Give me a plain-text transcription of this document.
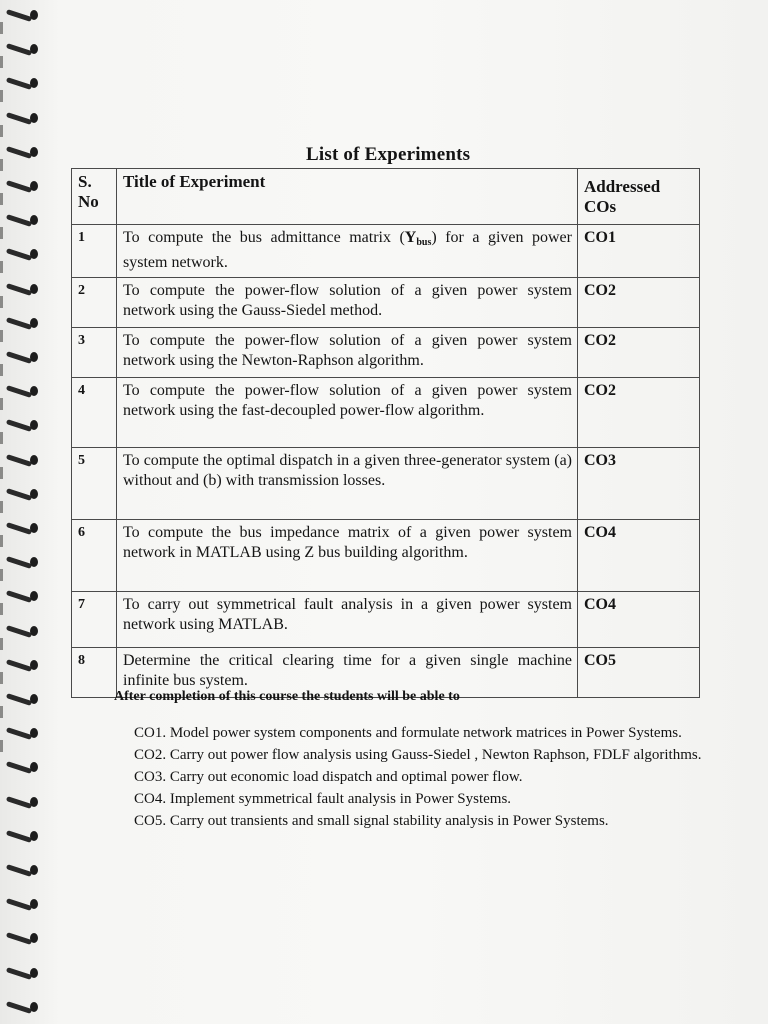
List of Experiments
S. No	Title of Experiment	Addressed COs
1	To compute the bus admittance matrix $(Y_{bus})$ for a given power system network.	CO1
2	To compute the power-flow solution of a given power system network using the Gauss-Siedel method.	CO2
3	To compute the power-flow solution of a given power system network using the Newton-Raphson algorithm.	CO2
4	To compute the power-flow solution of a given power system network using the fast-decoupled power-flow algorithm.	CO2
5	To compute the optimal dispatch in a given three-generator system (a) without and (b) with transmission losses.	CO3
6	To compute the bus impedance matrix of a given power system network in MATLAB using Z bus building algorithm.	CO4
7	To carry out symmetrical fault analysis in a given power system network using MATLAB.	CO4
8	Determine the critical clearing time for a given single machine infinite bus system.	CO5
After completion of this course the students will be able to
CO1. Model power system components and formulate network matrices in Power Systems.
CO2. Carry out power flow analysis using Gauss-Siedel , Newton Raphson, FDLF algorithms.
CO3. Carry out economic load dispatch and optimal power flow.
CO4. Implement symmetrical fault analysis in Power Systems.
CO5. Carry out transients and small signal stability analysis in Power Systems.
